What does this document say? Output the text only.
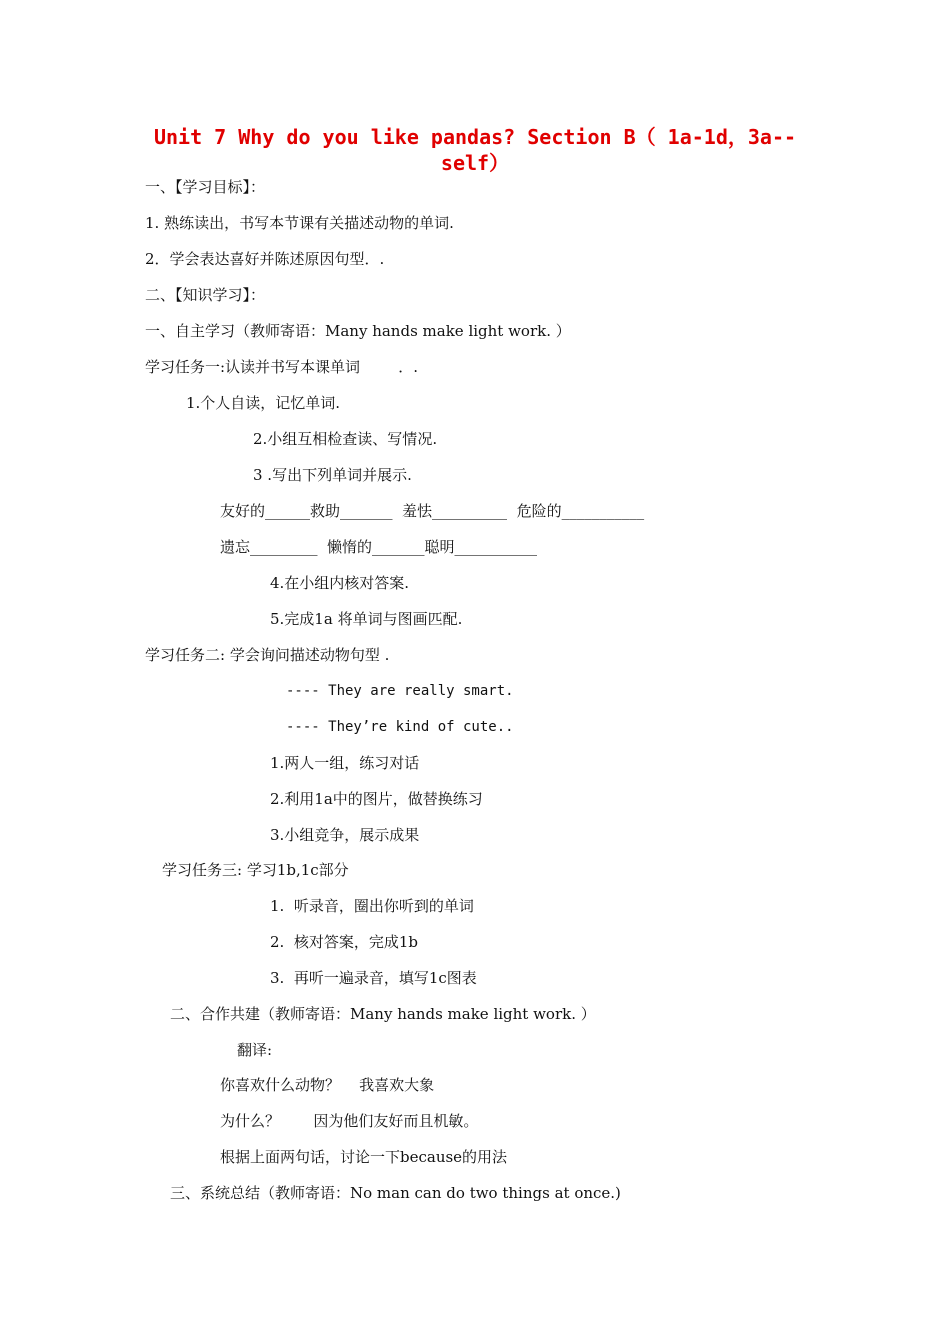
Unit 7 Why do you like pandas? Section B（ 1a-1d，3a--
self）
一、【学习目标】：
1. 熟练读出，书写本节课有关描述动物的单词.
2．学会表达喜好并陈述原因句型．.
二、【知识学习】：
一、自主学习（教师寄语：Many hands make light work. ）
学习任务一:认读并书写本课单词        ．.
1.个人自读，记忆单词.
2.小组互相检查读、写情况.
3 .写出下列单词并展示.
友好的______救助_______  羞怯__________  危险的___________
遗忘_________  懒惰的_______聪明___________
4.在小组内核对答案.
5.完成1a 将单词与图画匹配.
学习任务二: 学会询问描述动物句型 .
---- They are really smart.
---- They’re kind of cute..
1.两人一组，练习对话
2.利用1a中的图片，做替换练习
3.小组竞争，展示成果
学习任务三: 学习1b,1c部分
1.  听录音，圈出你听到的单词
2.  核对答案，完成1b
3.  再听一遍录音，填写1c图表
二、合作共建（教师寄语：Many hands make light work. ）
翻译:
你喜欢什么动物？    我喜欢大象
为什么？       因为他们友好而且机敏。
根据上面两句话，讨论一下because的用法
三、系统总结（教师寄语：No man can do two things at once.)
